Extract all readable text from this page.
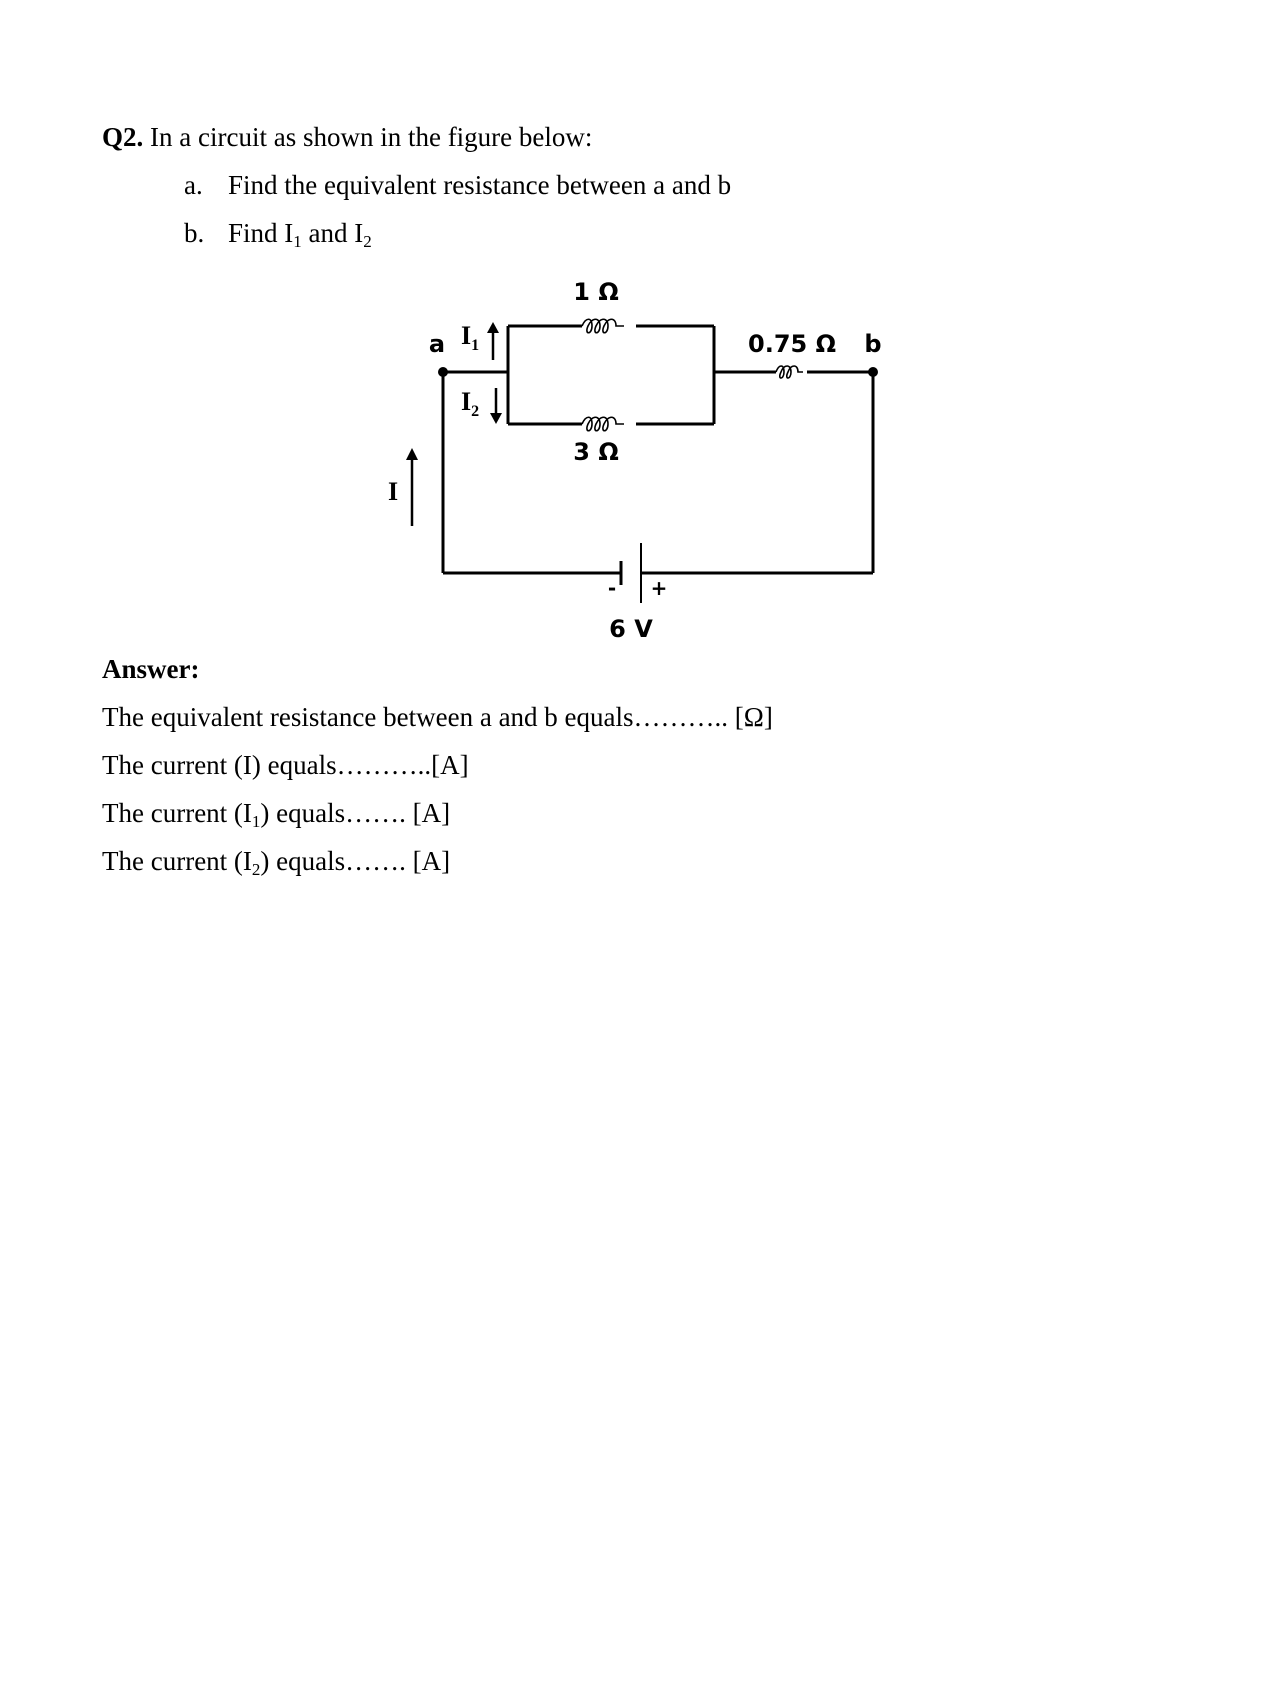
Q2. In a circuit as shown in the figure below:
a. Find the equivalent resistance between a and b
b. Find I1 and I2
1 Ω
3 Ω
0.75 Ω b
a
6 V
- +
$I_1$
$I_2$
I
Answer:
The equivalent resistance between a and b equals……….. [Ω]
The current (I) equals………..[A]
The current (I1) equals……. [A]
The current (I2) equals……. [A]
